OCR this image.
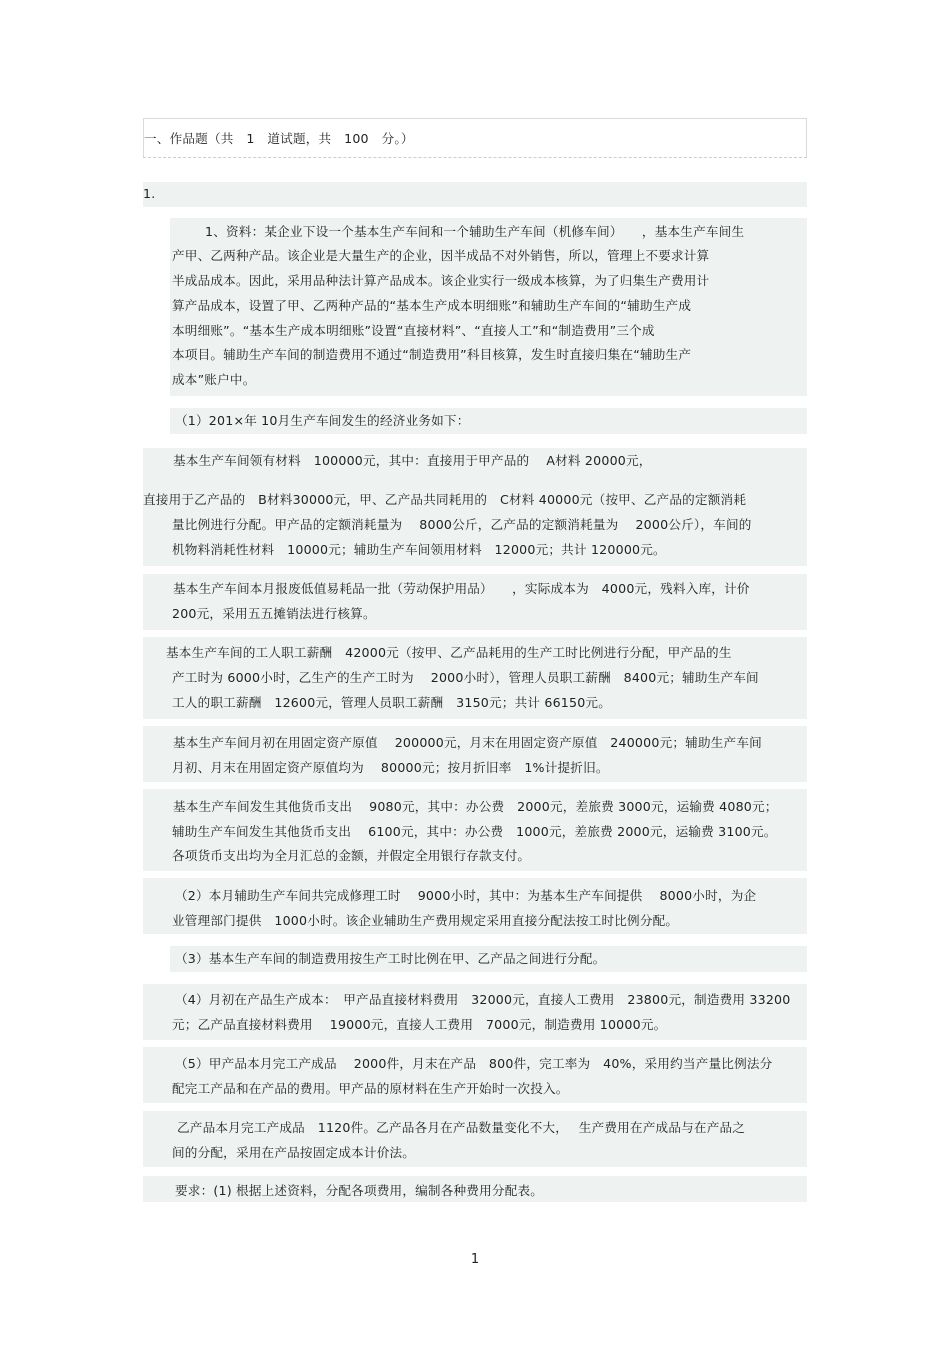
一、作品题（共　1　道试题，共　100　分。）
1.
1、资料：某企业下设一个基本生产车间和一个辅助生产车间（机修车间）　　，基本生产车间生
产甲、乙两种产品。该企业是大量生产的企业，因半成品不对外销售，所以，管理上不要求计算
半成品成本。因此，采用品种法计算产品成本。该企业实行一级成本核算，为了归集生产费用计
算产品成本，设置了甲、乙两种产品的“基本生产成本明细账”和辅助生产车间的“辅助生产成
本明细账”。“基本生产成本明细账”设置“直接材料”、“直接人工”和“制造费用”三个成
本项目。辅助生产车间的制造费用不通过“制造费用”科目核算，发生时直接归集在“辅助生产
成本”账户中。
（1）201×年 10月生产车间发生的经济业务如下：
基本生产车间领有材料　100000元，其中：直接用于甲产品的　 A材料 20000元，
直接用于乙产品的　B材料30000元，甲、乙产品共同耗用的　C材料 40000元（按甲、乙产品的定额消耗
量比例进行分配。甲产品的定额消耗量为　 8000公斤，乙产品的定额消耗量为　 2000公斤），车间的
机物料消耗性材料　10000元；辅助生产车间领用材料　12000元；共计 120000元。
基本生产车间本月报废低值易耗品一批（劳动保护用品）　　，实际成本为　4000元，残料入库，计价
200元，采用五五摊销法进行核算。
基本生产车间的工人职工薪酬　42000元（按甲、乙产品耗用的生产工时比例进行分配，甲产品的生
产工时为 6000小时，乙生产的生产工时为　 2000小时），管理人员职工薪酬　8400元；辅助生产车间
工人的职工薪酬　12600元，管理人员职工薪酬　3150元；共计 66150元。
基本生产车间月初在用固定资产原值　 200000元，月末在用固定资产原值　240000元；辅助生产车间
月初、月末在用固定资产原值均为　 80000元；按月折旧率　1%计提折旧。
基本生产车间发生其他货币支出　 9080元，其中：办公费　2000元，差旅费 3000元，运输费 4080元；
辅助生产车间发生其他货币支出　 6100元，其中：办公费　1000元，差旅费 2000元，运输费 3100元。
各项货币支出均为全月汇总的金额，并假定全用银行存款支付。
（2）本月辅助生产车间共完成修理工时　 9000小时，其中：为基本生产车间提供　 8000小时，为企
业管理部门提供　1000小时。该企业辅助生产费用规定采用直接分配法按工时比例分配。
（3）基本生产车间的制造费用按生产工时比例在甲、乙产品之间进行分配。
（4）月初在产品生产成本：　甲产品直接材料费用　32000元，直接人工费用　23800元，制造费用 33200
元；乙产品直接材料费用　 19000元，直接人工费用　7000元，制造费用 10000元。
（5）甲产品本月完工产成品　 2000件，月末在产品　800件，完工率为　40%，采用约当产量比例法分
配完工产品和在产品的费用。甲产品的原材料在生产开始时一次投入。
乙产品本月完工产成品　1120件。乙产品各月在产品数量变化不大，　 生产费用在产成品与在产品之
间的分配，采用在产品按固定成本计价法。
要求：(1) 根据上述资料，分配各项费用，编制各种费用分配表。
1
